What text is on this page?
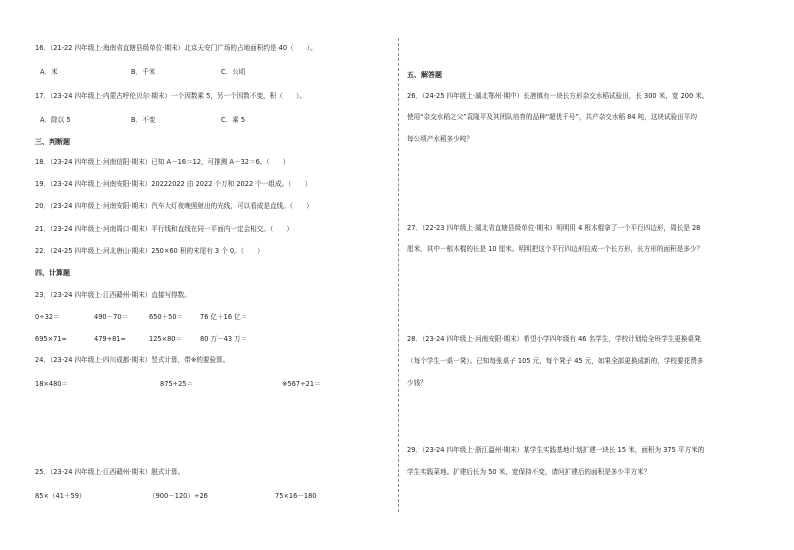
16．（21-22 四年级上·海南省直辖县级单位·期末）北京天安门广场的占地面积约是 40（　　）。
A．米	B．千米	C．公顷
17．（23-24 四年级上·内蒙古呼伦贝尔·期末）一个因数乘 5，另一个因数不变，积（　　）。
A．除以 5	B．不变	C．乘 5
三、判断题
18．（23-24 四年级上·河南信阳·期末）已知 A－16＝12，可推测 A－32＝6。（　　）
19．（23-24 四年级上·河南安阳·期末）20222022 由 2022 个万和 2022 个一组成。（　　）
20．（23-24 四年级上·河南安阳·期末）汽车大灯夜晚照射出的光线，可以看成是直线。（　　）
21．（23-24 四年级上·河南周口·期末）平行线和直线在同一平面内一定会相交。（　　）
22．（24-25 四年级上·河北唐山·期末）250×60 积的末尾有 3 个 0。（　　）
四、计算题
23．（23-24 四年级上·江西赣州·期末）直接写得数。
0÷32＝	490－70＝	650＋50＝	76 亿＋16 亿＝
695×71≈	479÷81≈	125×80＝	80 万－43 万＝
24．（23-24 四年级上·四川成都·期末）竖式计算，带※的要验算。
18×480＝	875÷25＝	※567÷21＝
25．（23-24 四年级上·江西赣州·期末）脱式计算。
85×（41＋59）	（900－120）÷26	75×16－180
五、解答题
26．（24-25 四年级上·湖北鄂州·期中）长港镇有一块长方形杂交水稻试验田，长 300 米，宽 200 米。
使用“杂交水稻之父”袁隆平及其团队培育的品种“超优千号”，共产杂交水稻 84 吨，这块试验田平均
每公顷产水稻多少吨？
27．（22-23 四年级上·湖北省直辖县级单位·期末）明明用 4 根木棍拿了一个平行四边形，周长是 28
厘米，其中一根木棍的长是 10 厘米。明明把这个平行四边形拉成一个长方形，长方形的面积是多少？
28．（23-24 四年级上·河南安阳·期末）希望小学四年级有 46 名学生，学校计划给全班学生更换桌凳
（每个学生一桌一凳）。已知每张桌子 105 元，每个凳子 45 元，如果全部更换成新的，学校要花费多
少钱？
29．（23-24 四年级上·浙江温州·期末）某学生实践基地计划扩建一块长 15 米，面积为 375 平方米的
学生实践菜地。扩建后长为 50 米，宽保持不变，请问扩建后的面积是多少平方米？
